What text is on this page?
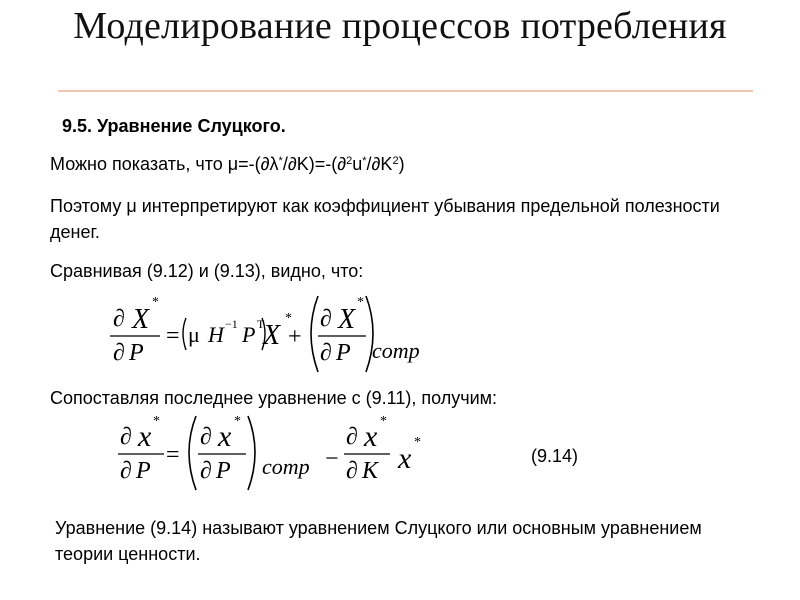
Моделирование процессов потребления
9.5. Уравнение Слуцкого.
Можно показать, что $\mu=-(\partial\lambda^*/\partial K)=-(\partial^2u^*/\partial K^2)$
Поэтому μ интерпретируют как коэффициент убывания предельной полезности денег.
Сравнивая (9.12) и (9.13), видно, что:
Сопоставляя последнее уравнение с (9.11), получим:
(9.14)
Уравнение (9.14) называют уравнением Слуцкого или основным уравнением теории ценности.
∂ X
*
∂ P
= μ H −1 P T
X
*
+
∂ X
*
∂ P comp
∂ x *
∂ P
=
∂ x *
∂ P comp −
∂ x *
∂ K x *
